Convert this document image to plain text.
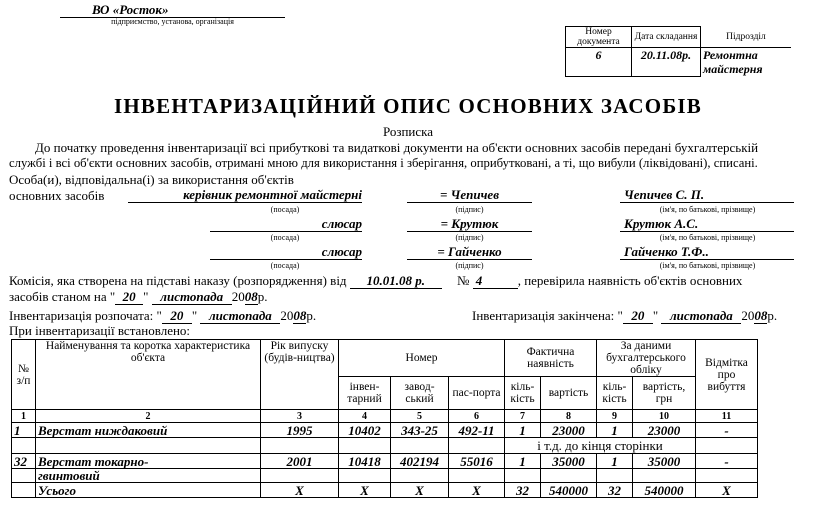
ВО «Росток»
підприємство, установа, організація
Номер документа	Дата складання	Підрозділ
6	20.11.08р.	Ремонтна майстерня
ІНВЕНТАРИЗАЦІЙНИЙ ОПИС ОСНОВНИХ ЗАСОБІВ
Розписка
До початку проведення інвентаризації всі прибуткові та видаткові документи на об'єкти основних засобів передані бухгалтерській
службі і всі об'єкти основних засобів, отримані мною для використання і зберігання, оприбутковані, а ті, що вибули (ліквідовані), списані.
Особа(и), відповідальна(і) за використання об'єктів
основних засобів	керівник ремонтної майстерні	= Чепичев	Чепичев С. П.
(посада)	(підпис)	(ім'я, по батькові, прізвище)
слюсар	= Крутюк	Крутюк А.С.
(посада)	(підпис)	(ім'я, по батькові, прізвище)
слюсар	= Гайченко	Гайченко Т.Ф..
(посада)	(підпис)	(ім'я, по батькові, прізвище)
Комісія, яка створена на підставі наказу (розпорядження) від 10.01.08 р. № 4	, перевірила наявність об'єктів основних
засобів станом на " 20 " листопада 2008р.
Інвентаризація розпочата: " 20 " листопада 2008р.	Інвентаризація закінчена: " 20 " листопада 2008р.
При інвентаризації встановлено:
№ з/п	Найменування та коротка характеристика об'єкта	Рік випуску (будів-ництва)	Номер			Фактична наявність		За даними бухгалтерського обліку		Відмітка про вибуття
			інвен-тарний	завод-ський	пас-порта	кіль-кість	вартість	кіль-кість	вартість, грн	
1	2	3	4	5	6	7	8	9	10	11
1	Верстат ниждаковий	1995	10402	343-25	492-11	1	23000	1	23000	-
						і т.д. до кінця сторінки				
32	Верстат токарно-	2001	10418	402194	55016	1	35000	1	35000	-
	гвинтовий									
	Усього	Х	Х	Х	Х	32	540000	32	540000	Х
